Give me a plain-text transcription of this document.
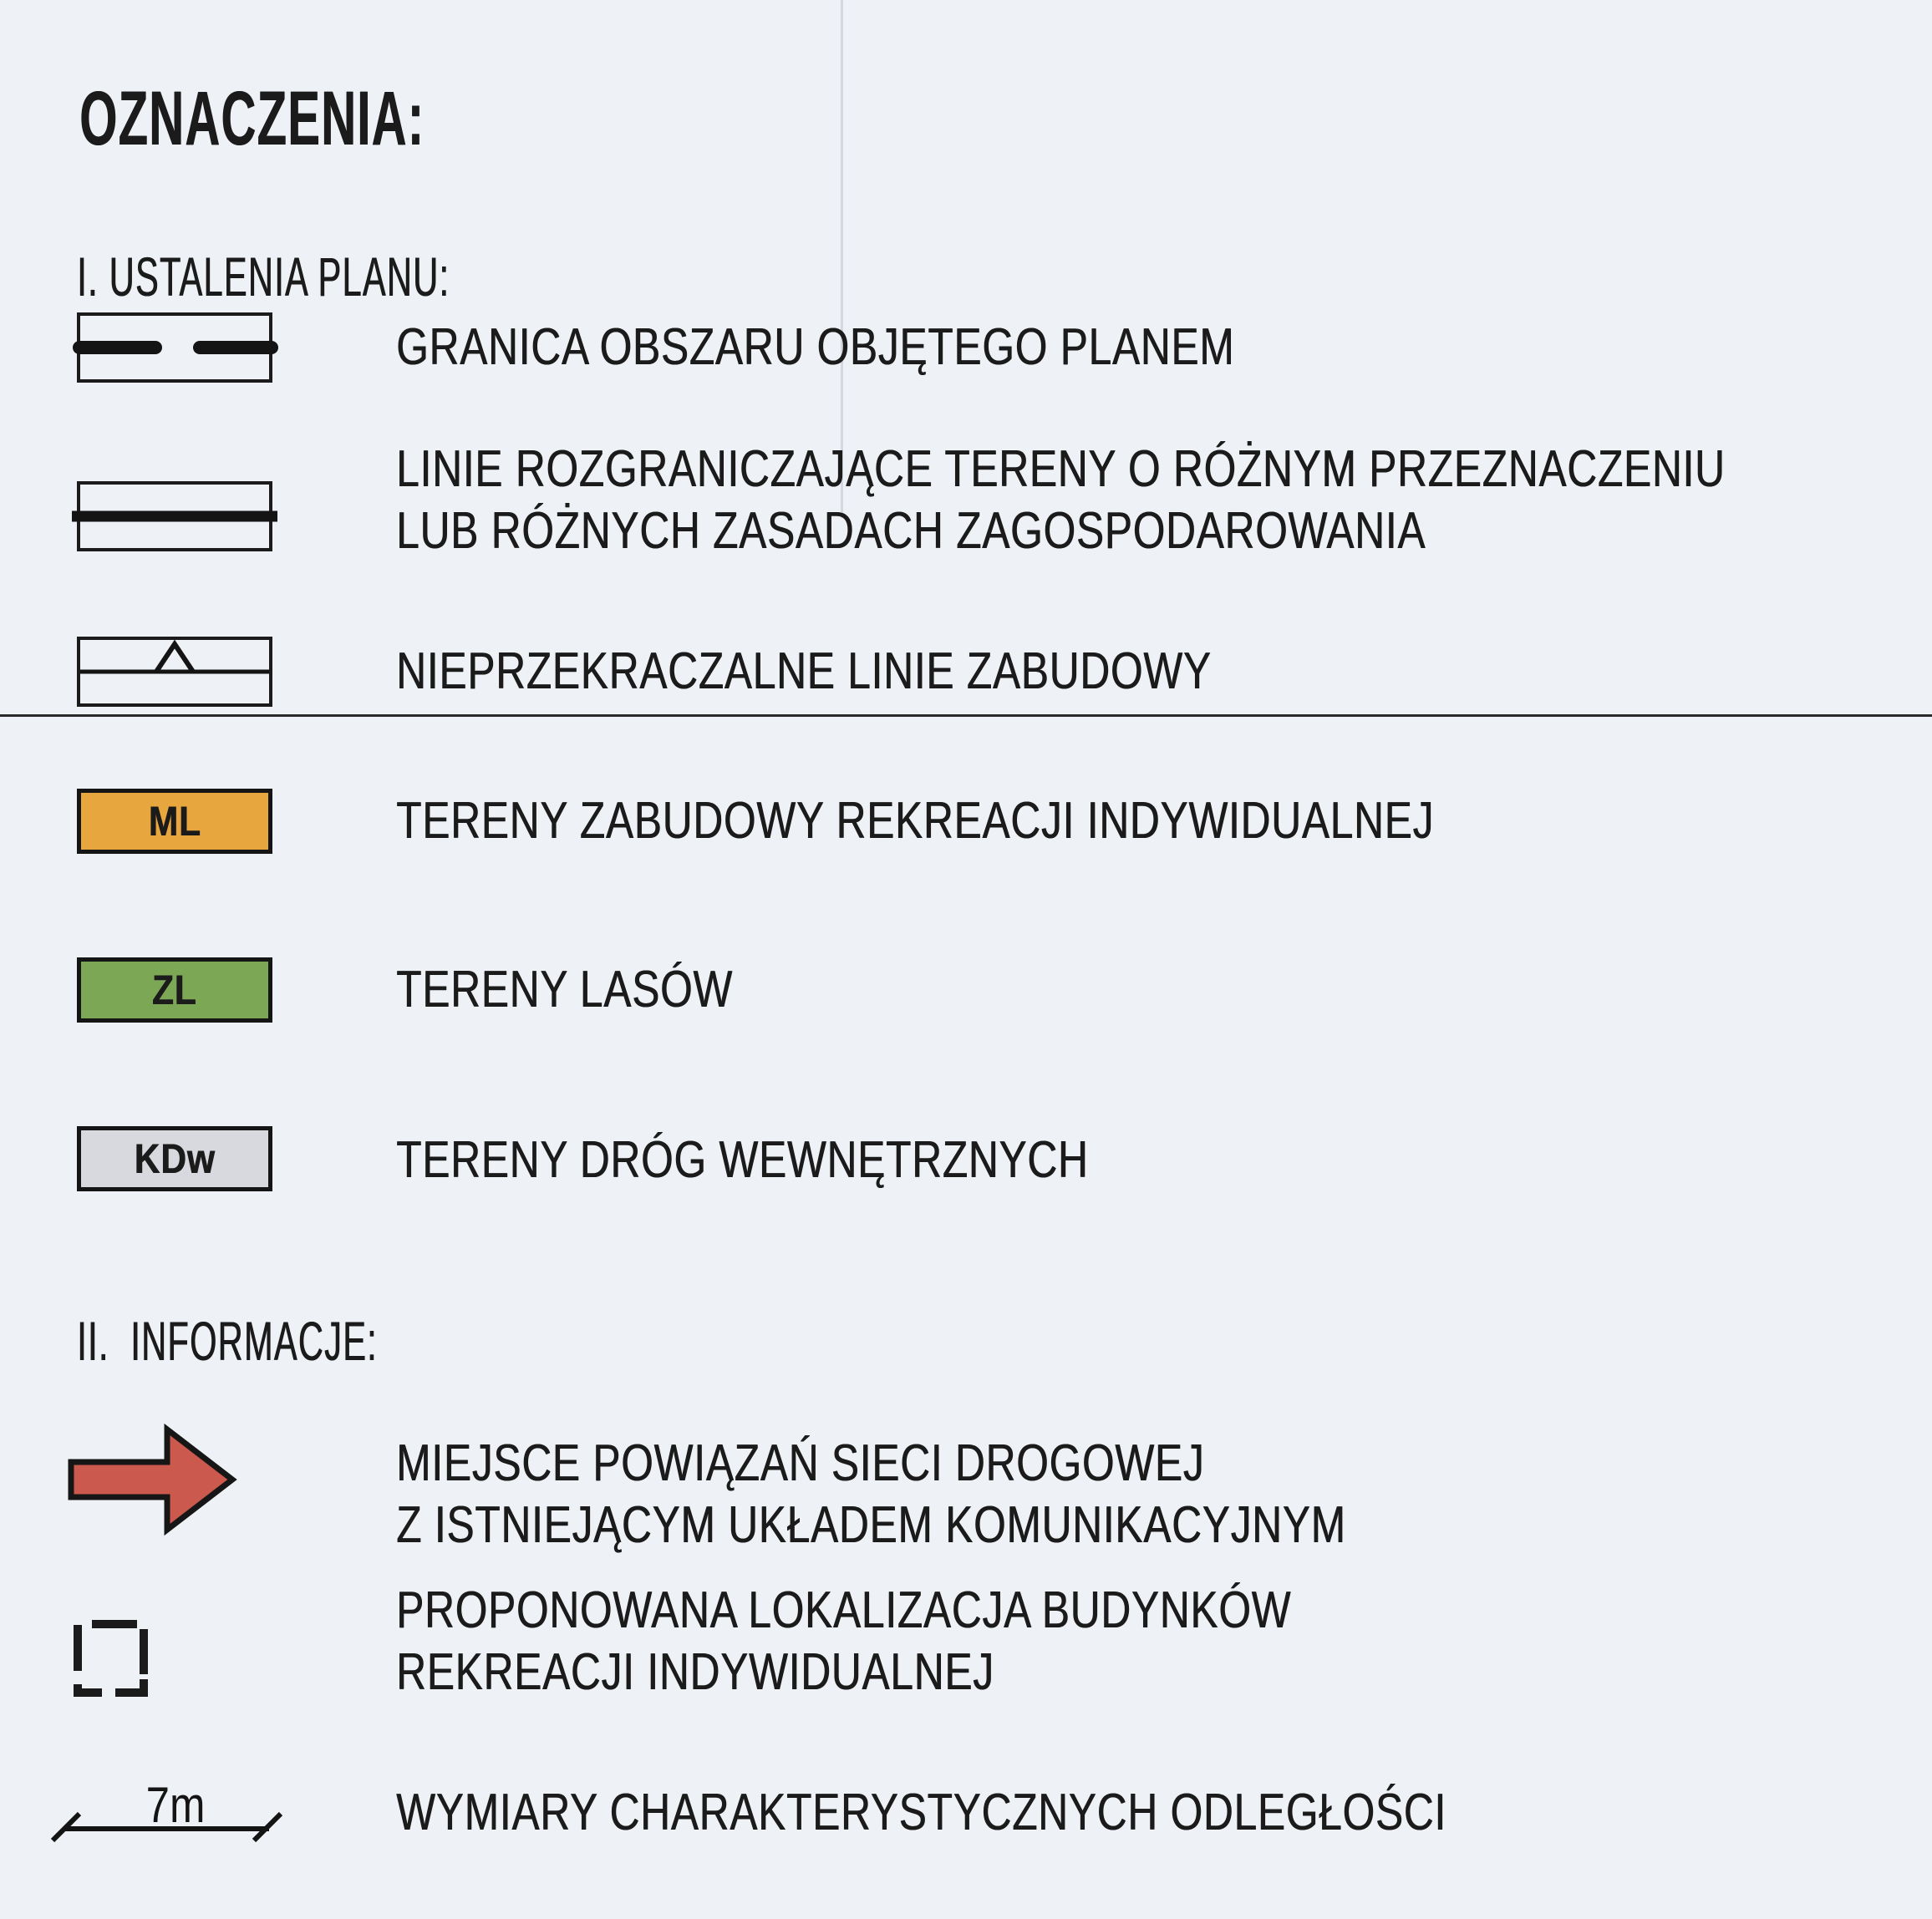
OZNACZENIA:
I. USTALENIA PLANU:
GRANICA OBSZARU OBJĘTEGO PLANEM
LINIE ROZGRANICZAJĄCE TERENY O RÓŻNYM PRZEZNACZENIU
LUB RÓŻNYCH ZASADACH ZAGOSPODAROWANIA
NIEPRZEKRACZALNE LINIE ZABUDOWY
ML	TERENY ZABUDOWY REKREACJI INDYWIDUALNEJ
ZL	TERENY LASÓW
KDw	TERENY DRÓG WEWNĘTRZNYCH
II.  INFORMACJE:
MIEJSCE POWIĄZAŃ SIECI DROGOWEJ
Z ISTNIEJĄCYM UKŁADEM KOMUNIKACYJNYM
PROPONOWANA LOKALIZACJA BUDYNKÓW
REKREACJI INDYWIDUALNEJ
7m	WYMIARY CHARAKTERYSTYCZNYCH ODLEGŁOŚCI
